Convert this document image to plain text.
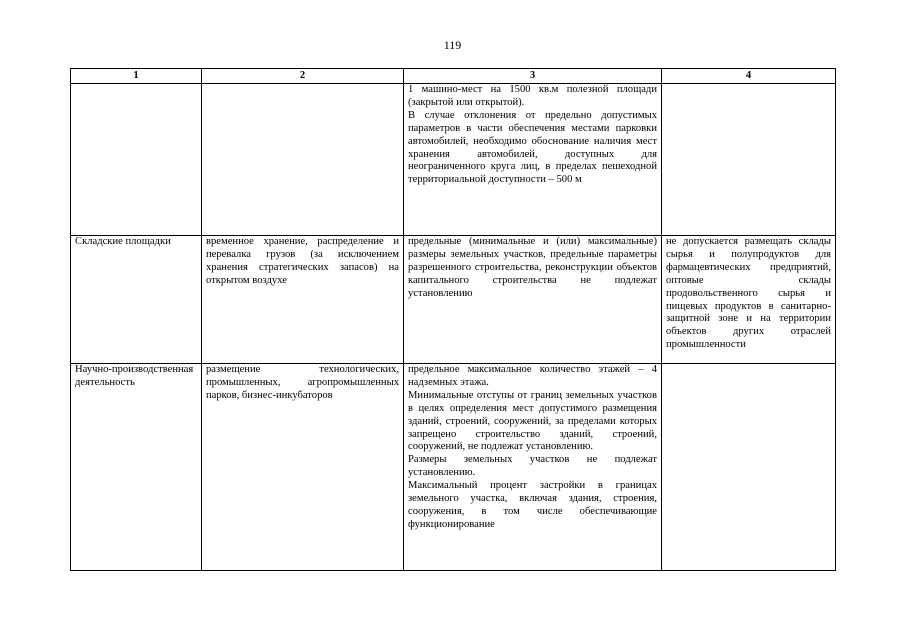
119
1	2	3	4

		1 машино-мест на 1500 кв.м полезной площади (закрытой или открытой).

В случае отклонения от предельно допустимых параметров в части обеспечения местами парковки автомобилей, необходимо обоснование наличия мест хранения автомобилей, доступных для неограниченного круга лиц, в пределах пешеходной территориальной доступности – 500 м	

Складские площадки	временное хранение, распределение и перевалка грузов (за исключением хранения стратегических запасов) на открытом воздухе	предельные (минимальные и (или) максимальные) размеры земельных участков, предельные параметры разрешенного строительства, реконструкции объектов капитального строительства не подлежат установлению	не допускается размещать склады сырья и полупродуктов для фармацевтических предприятий, оптовые склады продовольственного сырья и пищевых продуктов в санитарно-защитной зоне и на территории объектов других отраслей промышленности
Научно-производственная деятельность	размещение технологических, промышленных, агропромышленных парков, бизнес-инкубаторов	предельное максимальное количество этажей – 4 надземных этажа.

Минимальные отступы от границ земельных участков в целях определения мест допустимого размещения зданий, строений, сооружений, за пределами которых запрещено строительство зданий, строений, сооружений, не подлежат установлению.

Размеры земельных участков не подлежат установлению.

Максимальный процент застройки в границах земельного участка, включая здания, строения, сооружения, в том числе обеспечивающие функционирование	
